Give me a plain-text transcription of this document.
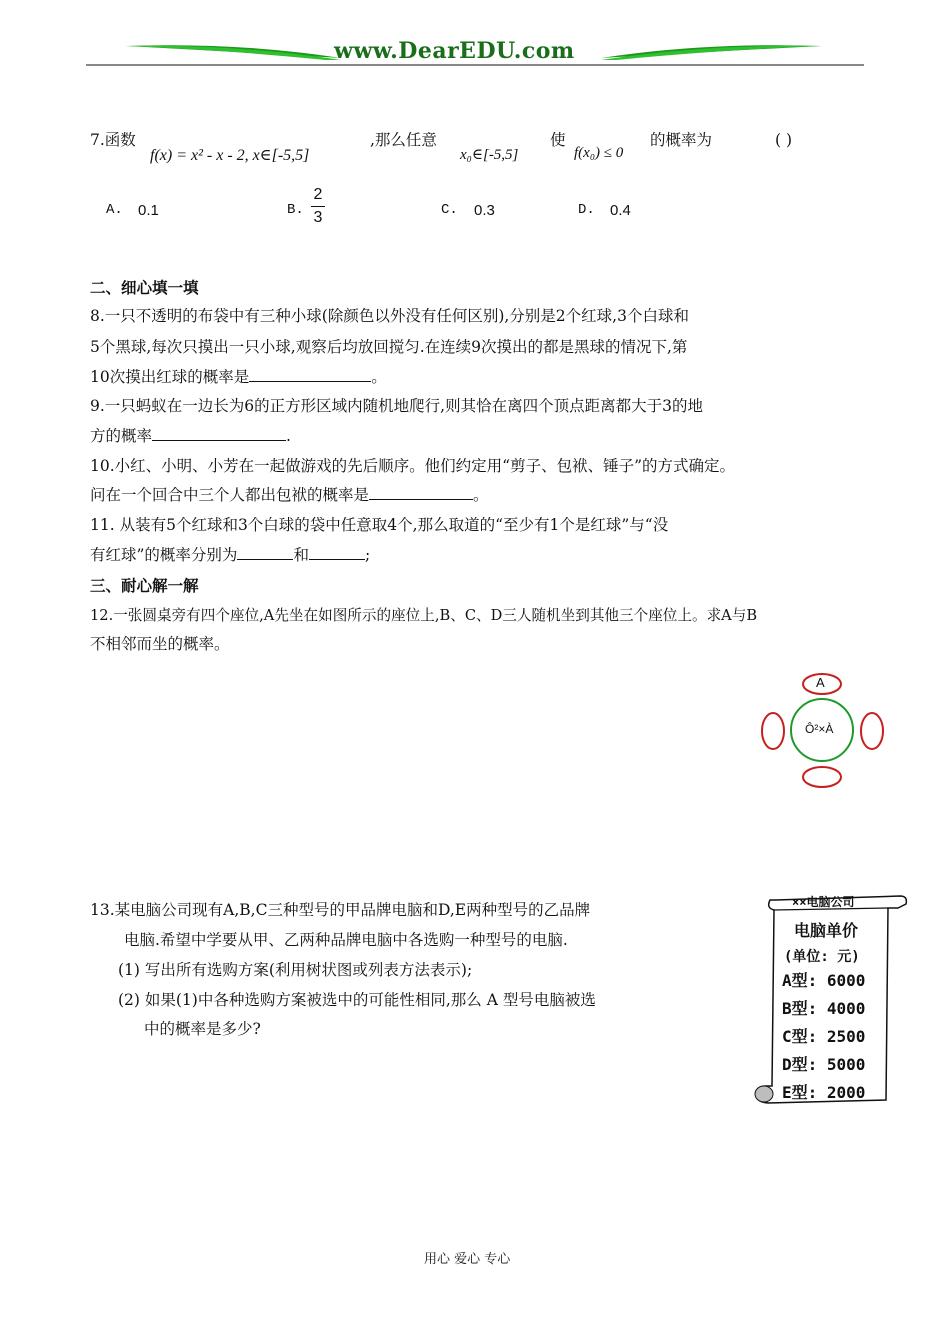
www.DearEDU.com
7.函数
f(x) = x² - x - 2, x∈[-5,5]
,那么任意
x₀∈[-5,5]
使
f(x₀) ≤ 0
的概率为	( )
A. 0.1	B.
2
3	C. 0.3	D. 0.4
二、细心填一填
8.一只不透明的布袋中有三种小球(除颜色以外没有任何区别),分别是2个红球,3个白球和
5个黑球,每次只摸出一只小球,观察后均放回搅匀.在连续9次摸出的都是黑球的情况下,第
10次摸出红球的概率是	。
9.一只蚂蚁在一边长为6的正方形区域内随机地爬行,则其恰在离四个顶点距离都大于3的地
方的概率	.
10.小红、小明、小芳在一起做游戏的先后顺序。他们约定用“剪子、包袱、锤子”的方式确定。
问在一个回合中三个人都出包袱的概率是	。
11. 从装有5个红球和3个白球的袋中任意取4个,那么取道的“至少有1个是红球”与“没
有红球”的概率分别为	和	;
三、耐心解一解
12.一张圆桌旁有四个座位,A先坐在如图所示的座位上,B、C、D三人随机坐到其他三个座位上。求A与B
不相邻而坐的概率。
A
Ô²×À
13.某电脑公司现有A,B,C三种型号的甲品牌电脑和D,E两种型号的乙品牌
电脑.希望中学要从甲、乙两种品牌电脑中各选购一种型号的电脑.
(1) 写出所有选购方案(利用树状图或列表方法表示);
(2) 如果(1)中各种选购方案被选中的可能性相同,那么 A 型号电脑被选
中的概率是多少?
××电脑公司
电脑单价
(单位: 元)
A型: 6000
B型: 4000
C型: 2500
D型: 5000
E型: 2000
用心 爱心 专心
